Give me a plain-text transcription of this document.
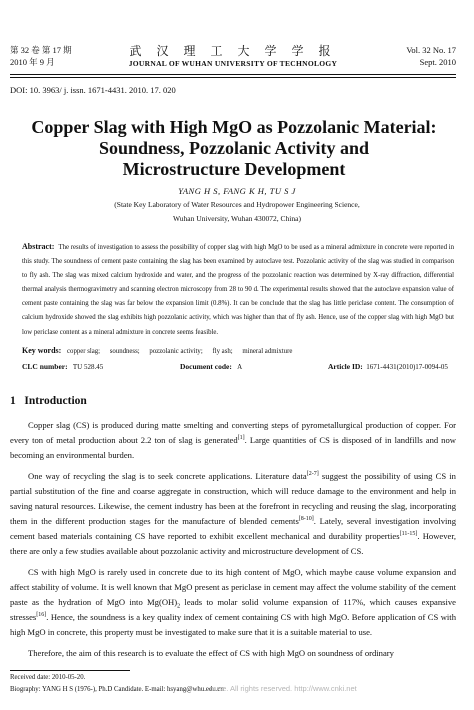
第 32 卷 第 17 期
2010 年 9 月
武 汉 理 工 大 学 学 报
JOURNAL OF WUHAN UNIVERSITY OF TECHNOLOGY
Vol. 32 No. 17
Sept. 2010
DOI: 10. 3963/ j. issn. 1671-4431. 2010. 17. 020
Copper Slag with High MgO as Pozzolanic Material:
Soundness, Pozzolanic Activity and
Microstructure Development
YANG H S, FANG K H, TU S J
(State Key Laboratory of Water Resources and Hydropower Engineering Science,
Wuhan University, Wuhan 430072, China)
Abstract: The results of investigation to assess the possibility of copper slag with high MgO to be used as a mineral admixture in concrete were reported in this study. The soundness of cement paste containing the slag has been examined by autoclave test. Pozzolanic activity of the slag was studied in comparison to fly ash. The slag was mixed calcium hydroxide and water, and the progress of the pozzolanic reaction was determined by X-ray diffraction, differential thermal analysis thermogravimetry and scanning electron microscopy from 28 to 90 d. The experimental results showed that the autoclave expansion value of cement paste containing the slag was far below the expansion limit (0.8%). It can be conclude that the slag has little periclase content. The consumption of calcium hydroxide showed the slag exhibits high pozzolanic activity, which was higher than that of fly ash. Hence, use of the copper slag with high MgO but low periclase content as a mineral admixture in concrete seems feasible.
Key words: copper slag; soundness; pozzolanic activity; fly ash; mineral admixture
CLC number: TU 528.45	Document code: A	Article ID: 1671-4431(2010)17-0094-05
1 Introduction

Copper slag (CS) is produced during matte smelting and converting steps of pyrometallurgical production of copper. For every ton of metal production about 2.2 ton of slag is generated[1]. Large quantities of CS is disposed of in landfills and now becoming an environmental burden.

One way of recycling the slag is to seek concrete applications. Literature data[2-7] suggest the possibility of using CS in partial substitution of the fine and coarse aggregate in construction, which will reduce damage to the environment and help in saving natural resources. Likewise, the cement industry has been at the forefront in recycling and reusing the slag, incorporating them in the different production stages for the manufacture of blended cements[8-10]. Lately, several investigation involving cement based materials containing CS have reported to exhibit excellent mechanical and durability properties[11-15]. However, there are only a few studies available about pozzolanic activity and microstructure development of CS.

CS with high MgO is rarely used in concrete due to its high content of MgO, which maybe cause volume expansion and affect stability of volume. It is well known that MgO present as periclase in cement may affect the volume stability of the cement paste as the hydration of MgO into $Mg(OH)_2$ leads to molar solid volume expansion of 117%, which causes expansive stresses[16]. Hence, the soundness is a key quality index of cement containing CS with high MgO. Before application of CS with high MgO in concrete, this property must be investigated to make sure that it is a suitable material to use.

Therefore, the aim of this research is to evaluate the effect of CS with high MgO on soundness of ordinary

Received date: 2010-05-20.
Biography: YANG H S (1976-), Ph.D Candidate. E-mail: hsyang@whu.edu.cn
ouse. All rights reserved. http://www.cnki.net
